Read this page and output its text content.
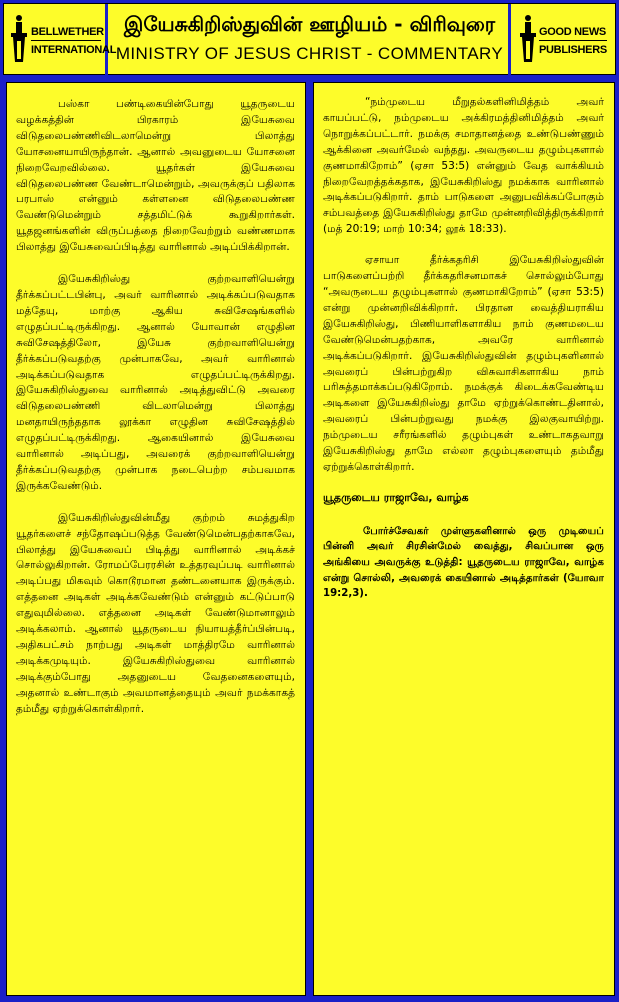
BELLWETHER
INTERNATIONAL
இயேசுகிறிஸ்துவின் ஊழியம் - விரிவுரை
MINISTRY OF JESUS CHRIST - COMMENTARY
GOOD NEWS
PUBLISHERS

பஸ்கா பண்டிகையின்போது யூதருடைய வழக்கத்தின் பிரகாரம் இயேசுவை விடுதலைபண்ணிவிடலாமென்று பிலாத்து யோசனையாயிருந்தான். ஆனால் அவனுடைய யோசனை நிறைவேறவில்லை. யூதர்கள் இயேசுவை விடுதலைபண்ண வேண்டாமென்றும், அவருக்குப் பதிலாக பரபாஸ் என்னும் கள்ளனை விடுதலைபண்ண வேண்டுமென்றும் சத்தமிட்டுக் கூறுகிறார்கள். யூதஜனங்களின் விருப்பத்தை நிறைவேற்றும் வண்ணமாக பிலாத்து இயேசுவைப்பிடித்து வாரினால் அடிப்பிக்கிறான்.

இயேசுகிறிஸ்து குற்றவாளியென்று தீர்க்கப்பட்டபின்பு, அவர் வாரினால் அடிக்கப்படுவதாக மத்தேயு, மாற்கு ஆகிய சுவிசேஷங்களில் எழுதப்பட்டிருக்கிறது. ஆனால் யோவான் எழுதின சுவிசேஷத்திலோ, இயேசு குற்றவாளியென்று தீர்க்கப்படுவதற்கு முன்பாகவே, அவர் வாரினால் அடிக்கப்படுவதாக எழுதப்பட்டிருக்கிறது. இயேசுகிறிஸ்துவை வாரினால் அடித்துவிட்டு அவரை விடுதலைபண்ணி விடலாமென்று பிலாத்து மனதாயிருந்ததாக லூக்கா எழுதின சுவிசேஷத்தில் எழுதப்பட்டிருக்கிறது. ஆகையினால் இயேசுவை வாரினால் அடிப்பது, அவரைக் குற்றவாளியென்று தீர்க்கப்படுவதற்கு முன்பாக நடைபெற்ற சம்பவமாக இருக்கவேண்டும்.

இயேசுகிறிஸ்துவின்மீது குற்றம் சுமத்துகிற யூதர்களைச் சந்தோஷப்படுத்த வேண்டுமென்பதற்காகவே, பிலாத்து இயேசுவைப் பிடித்து வாரினால் அடிக்கச் சொல்லுகிறான். ரோமப்பேரரசின் உத்தரவுப்படி வாரினால் அடிப்பது மிகவும் கொடூரமான தண்டனையாக இருக்கும். எத்தனை அடிகள் அடிக்கவேண்டும் என்னும் கட்டுப்பாடு எதுவுமில்லை. எத்தனை அடிகள் வேண்டுமானாலும் அடிக்கலாம். ஆனால் யூதருடைய நியாயத்தீர்ப்பின்படி, அதிகபட்சம் நாற்பது அடிகள் மாத்திரமே வாரினால் அடிக்கமுடியும். இயேசுகிறிஸ்துவை வாரினால் அடிக்கும்போது அதனுடைய வேதனைகளையும், அதனால் உண்டாகும் அவமானத்தையும் அவர் நமக்காகத் தம்மீது ஏற்றுக்கொள்கிறார்.

“நம்முடைய மீறுதல்களினிமித்தம் அவர் காயப்பட்டு, நம்முடைய அக்கிரமத்தினிமித்தம் அவர் நொறுக்கப்பட்டார். நமக்கு சமாதானத்தை உண்டுபண்ணும் ஆக்கினை அவர்மேல் வந்தது. அவருடைய தழும்புகளால் குணமாகிறோம்” (ஏசா 53:5) என்னும் வேத வாக்கியம் நிறைவேறத்தக்கதாக, இயேசுகிறிஸ்து நமக்காக வாரினால் அடிக்கப்படுகிறார். தாம் பாடுகளை அனுபவிக்கப்போகும் சம்பவத்தை இயேசுகிறிஸ்து தாமே முன்னறிவித்திருக்கிறார் (மத் 20:19; மாற் 10:34; லூக் 18:33).

ஏசாயா தீர்க்கதரிசி இயேசுகிறிஸ்துவின் பாடுகளைப்பற்றி தீர்க்கதரிசனமாகச் சொல்லும்போது “அவருடைய தழும்புகளால் குணமாகிறோம்” (ஏசா 53:5) என்று முன்னறிவிக்கிறார். பிரதான வைத்தியராகிய இயேசுகிறிஸ்து, பிணியாளிகளாகிய நாம் குணமடைய வேண்டுமென்பதற்காக, அவரே வாரினால் அடிக்கப்படுகிறார். இயேசுகிறிஸ்துவின் தழும்புகளினால் அவரைப் பின்பற்றுகிற விசுவாசிகளாகிய நாம் பரிசுத்தமாக்கப்படுகிறோம். நமக்குக் கிடைக்கவேண்டிய அடிகளை இயேசுகிறிஸ்து தாமே ஏற்றுக்கொண்டதினால், அவரைப் பின்பற்றுவது நமக்கு இலகுவாயிற்று. நம்முடைய சரீரங்களில் தழும்புகள் உண்டாகதவாறு இயேசுகிறிஸ்து தாமே எல்லா தழும்புகளையும் தம்மீது ஏற்றுக்கொள்கிறார்.

யூதருடைய ராஜாவே, வாழ்க

போர்ச்சேவகர் முள்ளுகளினால் ஒரு முடியைப் பின்னி அவர் சிரசின்மேல் வைத்து, சிவப்பான ஒரு அங்கியை அவருக்கு உடுத்தி: யூதருடைய ராஜாவே, வாழ்க என்று சொல்லி, அவரைக் கையினால் அடித்தார்கள் (யோவா 19:2,3).
